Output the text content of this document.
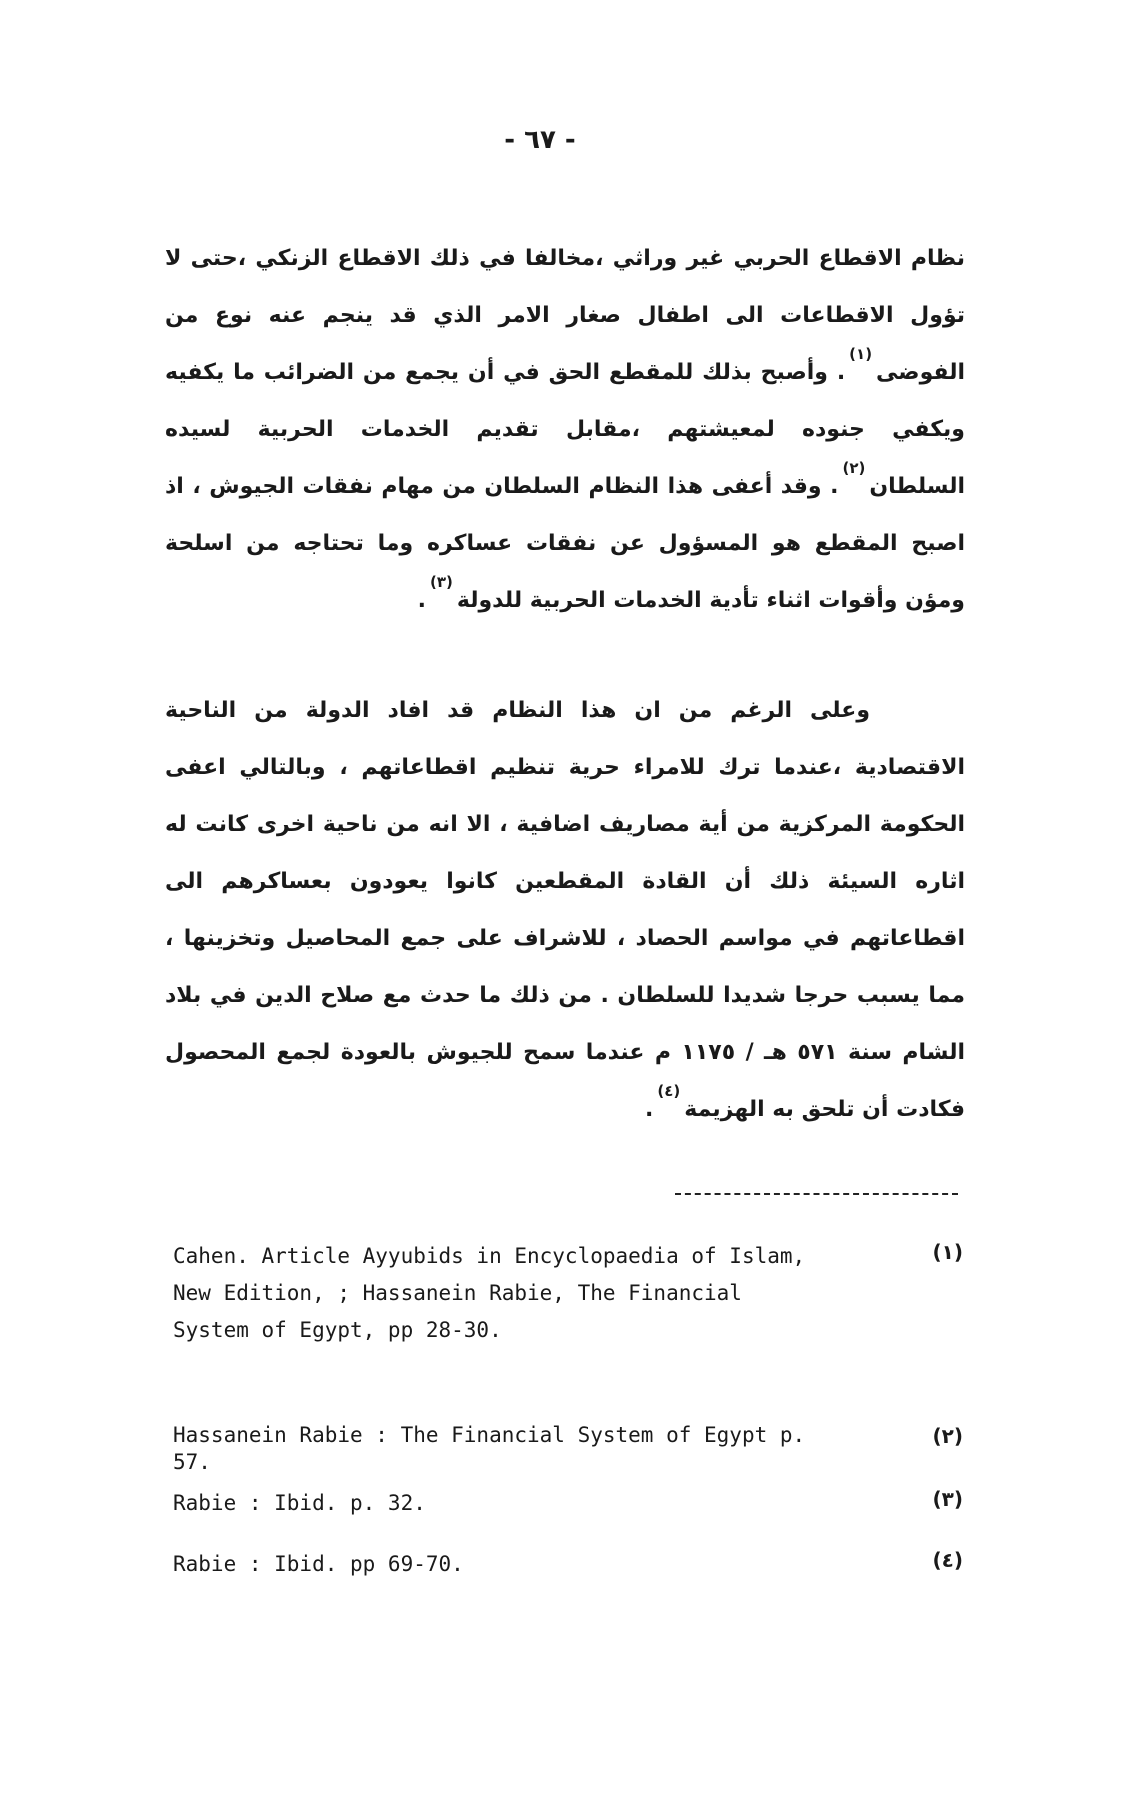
- ٦٧ -
نظام الاقطاع الحربي غير وراثي ،مخالفا في ذلك الاقطاع الزنكي ،حتى لا تؤول الاقطاعات الى اطفال صغار الامر الذي قد ينجم عنه نوع من الفوضى$^{(١)}$. وأصبح بذلك للمقطع الحق في أن يجمع من الضرائب ما يكفيه ويكفي جنوده لمعيشتهم ،مقابل تقديم الخدمات الحربية لسيده السلطان$^{(٢)}$. وقد أعفى هذا النظام السلطان من مهام نفقات الجيوش ، اذ اصبح المقطع هو المسؤول عن نفقات عساكره وما تحتاجه من اسلحة ومؤن وأقوات اثناء تأدية الخدمات الحربية للدولة$^{(٣)}$.
وعلى الرغم من ان هذا النظام قد افاد الدولة من الناحية الاقتصادية ،عندما ترك للامراء حرية تنظيم اقطاعاتهم ، وبالتالي اعفى الحكومة المركزية من أية مصاريف اضافية ، الا انه من ناحية اخرى كانت له اثاره السيئة ذلك أن القادة المقطعين كانوا يعودون بعساكرهم الى اقطاعاتهم في مواسم الحصاد ، للاشراف على جمع المحاصيل وتخزينها ، مما يسبب حرجا شديدا للسلطان . من ذلك ما حدث مع صلاح الدين في بلاد الشام سنة ٥٧١ هـ / ١١٧٥ م عندما سمح للجيوش بالعودة لجمع المحصول فكادت أن تلحق به الهزيمة$^{(٤)}$.
Cahen. Article Ayyubids in Encyclopaedia of Islam, New Edition, ; Hassanein Rabie, The Financial System of Egypt, pp 28-30.
(١)
Hassanein Rabie : The Financial System of Egypt p. 57.
(٢)
Rabie : Ibid. p. 32.	(٣)
Rabie : Ibid. pp 69-70.	(٤)
